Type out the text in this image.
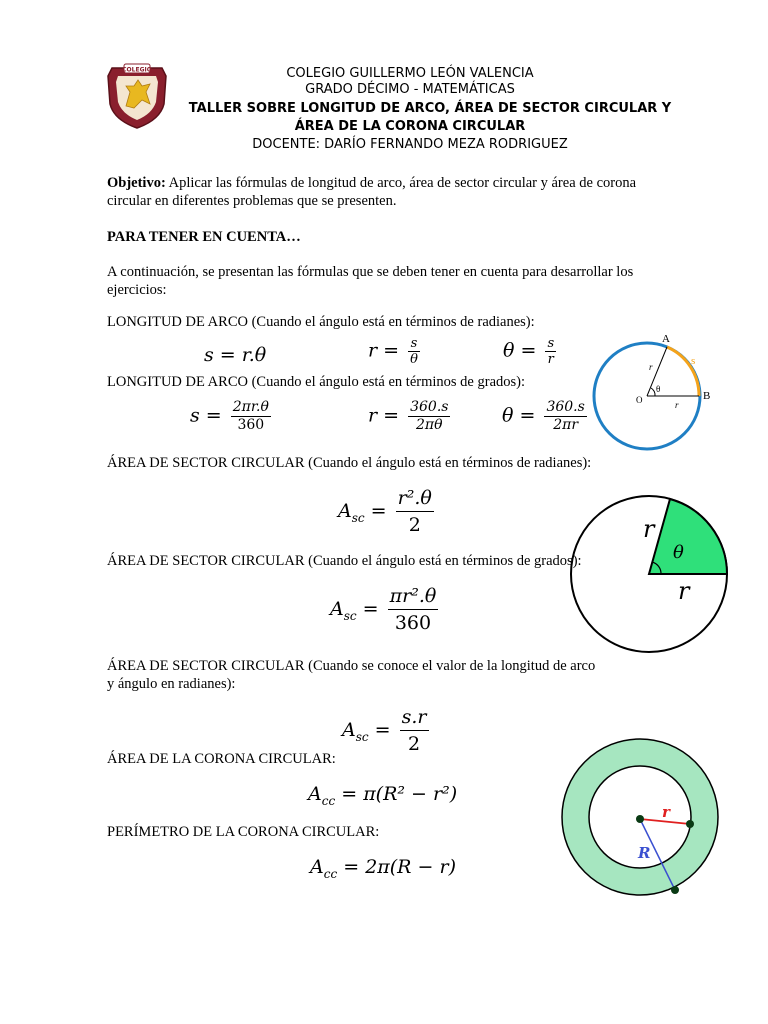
COLEGIO	COLEGIO GUILLERMO LEÓN VALENCIA
GRADO DÉCIMO - MATEMÁTICAS
TALLER SOBRE LONGITUD DE ARCO, ÁREA DE SECTOR CIRCULAR Y
ÁREA DE LA CORONA CIRCULAR
DOCENTE: DARÍO FERNANDO MEZA RODRIGUEZ
Objetivo: Aplicar las fórmulas de longitud de arco, área de sector circular y área de corona circular en diferentes problemas que se presenten.
PARA TENER EN CUENTA…
A continuación, se presentan las fórmulas que se deben tener en cuenta para desarrollar los ejercicios:
LONGITUD DE ARCO (Cuando el ángulo está en términos de radianes):
s = r.θ	$r = \frac{s}{\theta}$	$\theta = \frac{s}{r}$
LONGITUD DE ARCO (Cuando el ángulo está en términos de grados):
$s = \frac{2\pi r.\theta}{360}$	$r = \frac{360.s}{2\pi\theta}$	$\theta = \frac{360.s}{2\pi r}$
A
B
O
s
r
r
θ
ÁREA DE SECTOR CIRCULAR (Cuando el ángulo está en términos de radianes):
$A_{sc} = \frac{\text{r².θ}}{2}$	r
r
θ
ÁREA DE SECTOR CIRCULAR (Cuando el ángulo está en términos de grados):
$A_{sc} = \frac{\text{πr².θ}}{360}$
ÁREA DE SECTOR CIRCULAR (Cuando se conoce el valor de la longitud de arco
y ángulo en radianes):
$A_{sc} = \frac{s.r}{2}$
ÁREA DE LA CORONA CIRCULAR:
$A_{cc} = \pi(R^2 - r^2)$
PERÍMETRO DE LA CORONA CIRCULAR:
$A_{cc} = 2\pi(R - r)$
r
R
